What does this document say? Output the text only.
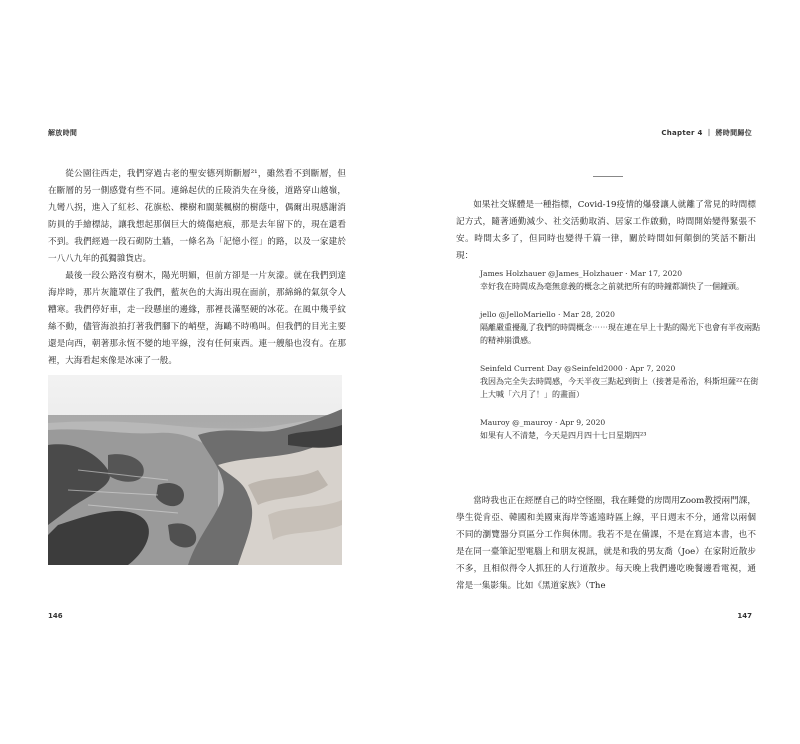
解放時間

從公園往西走，我們穿過古老的聖安德列斯斷層²¹，雖然看不到斷層，但在斷層的另一側感覺有些不同。連綿起伏的丘陵消失在身後，道路穿山越嶺，九彎八拐，進入了紅杉、花旗松、櫟樹和闊葉楓樹的樹蔭中，偶爾出現感謝消防員的手繪標誌，讓我想起那個巨大的燒傷疤痕，那是去年留下的，現在還看不到。我們經過一段石砌防土牆，一條名為「記憶小徑」的路，以及一家建於一八八九年的孤獨雜貨店。

最後一段公路沒有樹木，陽光明媚，但前方卻是一片灰濛。就在我們到達海岸時，那片灰籠罩住了我們，藍灰色的大海出現在面前，那綿綿的氣氛令人糟寒。我們停好車，走一段懸崖的邊緣，那裡長滿堅硬的冰花。在風中幾乎紋絲不動，儘管海浪拍打著我們腳下的峭壁，海鷗不時鳴叫。但我們的目光主要還是向西，朝著那永恆不變的地平線，沒有任何東西。連一艘船也沒有。在那裡，大海看起來像是冰凍了一般。

146
Chapter 4 ｜ 將時間歸位

如果社交媒體是一種指標，Covid-19疫情的爆發讓人就離了常見的時間標記方式，隨著通勤減少、社交活動取消、居家工作啟動，時間開始變得緊張不安。時間太多了，但同時也變得千篇一律，關於時間如何顛倒的笑話不斷出現：

James Holzhauer @James_Holzhauer · Mar 17, 2020
幸好我在時間成為毫無意義的概念之前就把所有的時鐘都調快了一個鐘頭。
jello @JelloMariello · Mar 28, 2020
隔離嚴重擾亂了我們的時間概念⋯⋯現在連在早上十點的陽光下也會有半夜兩點的精神崩潰感。
Seinfeld Current Day @Seinfeld2000 · Apr 7, 2020
我因為完全失去時間感，今天半夜三點起到街上（接著是希治，科斯坦薩²²在街上大喊「六月了！」的畫面）
Mauroy @_mauroy · Apr 9, 2020
如果有人不清楚，今天是四月四十七日星期四²³

當時我也正在經歷自己的時空怪圈，我在睡覺的房間用Zoom教授兩門課，學生從肯亞、韓國和美國東海岸等遙遠時區上線，平日週末不分，通常以兩個不同的瀏覽器分頁區分工作與休閒。我若不是在備課，不是在寫這本書，也不是在同一臺筆記型電腦上和朋友視訊，就是和我的男友喬（Joe）在家附近散步不多，且相似得令人抓狂的人行道散步。每天晚上我們邊吃晚餐邊看電視，通常是一集影集。比如《黑道家族》（The

147
